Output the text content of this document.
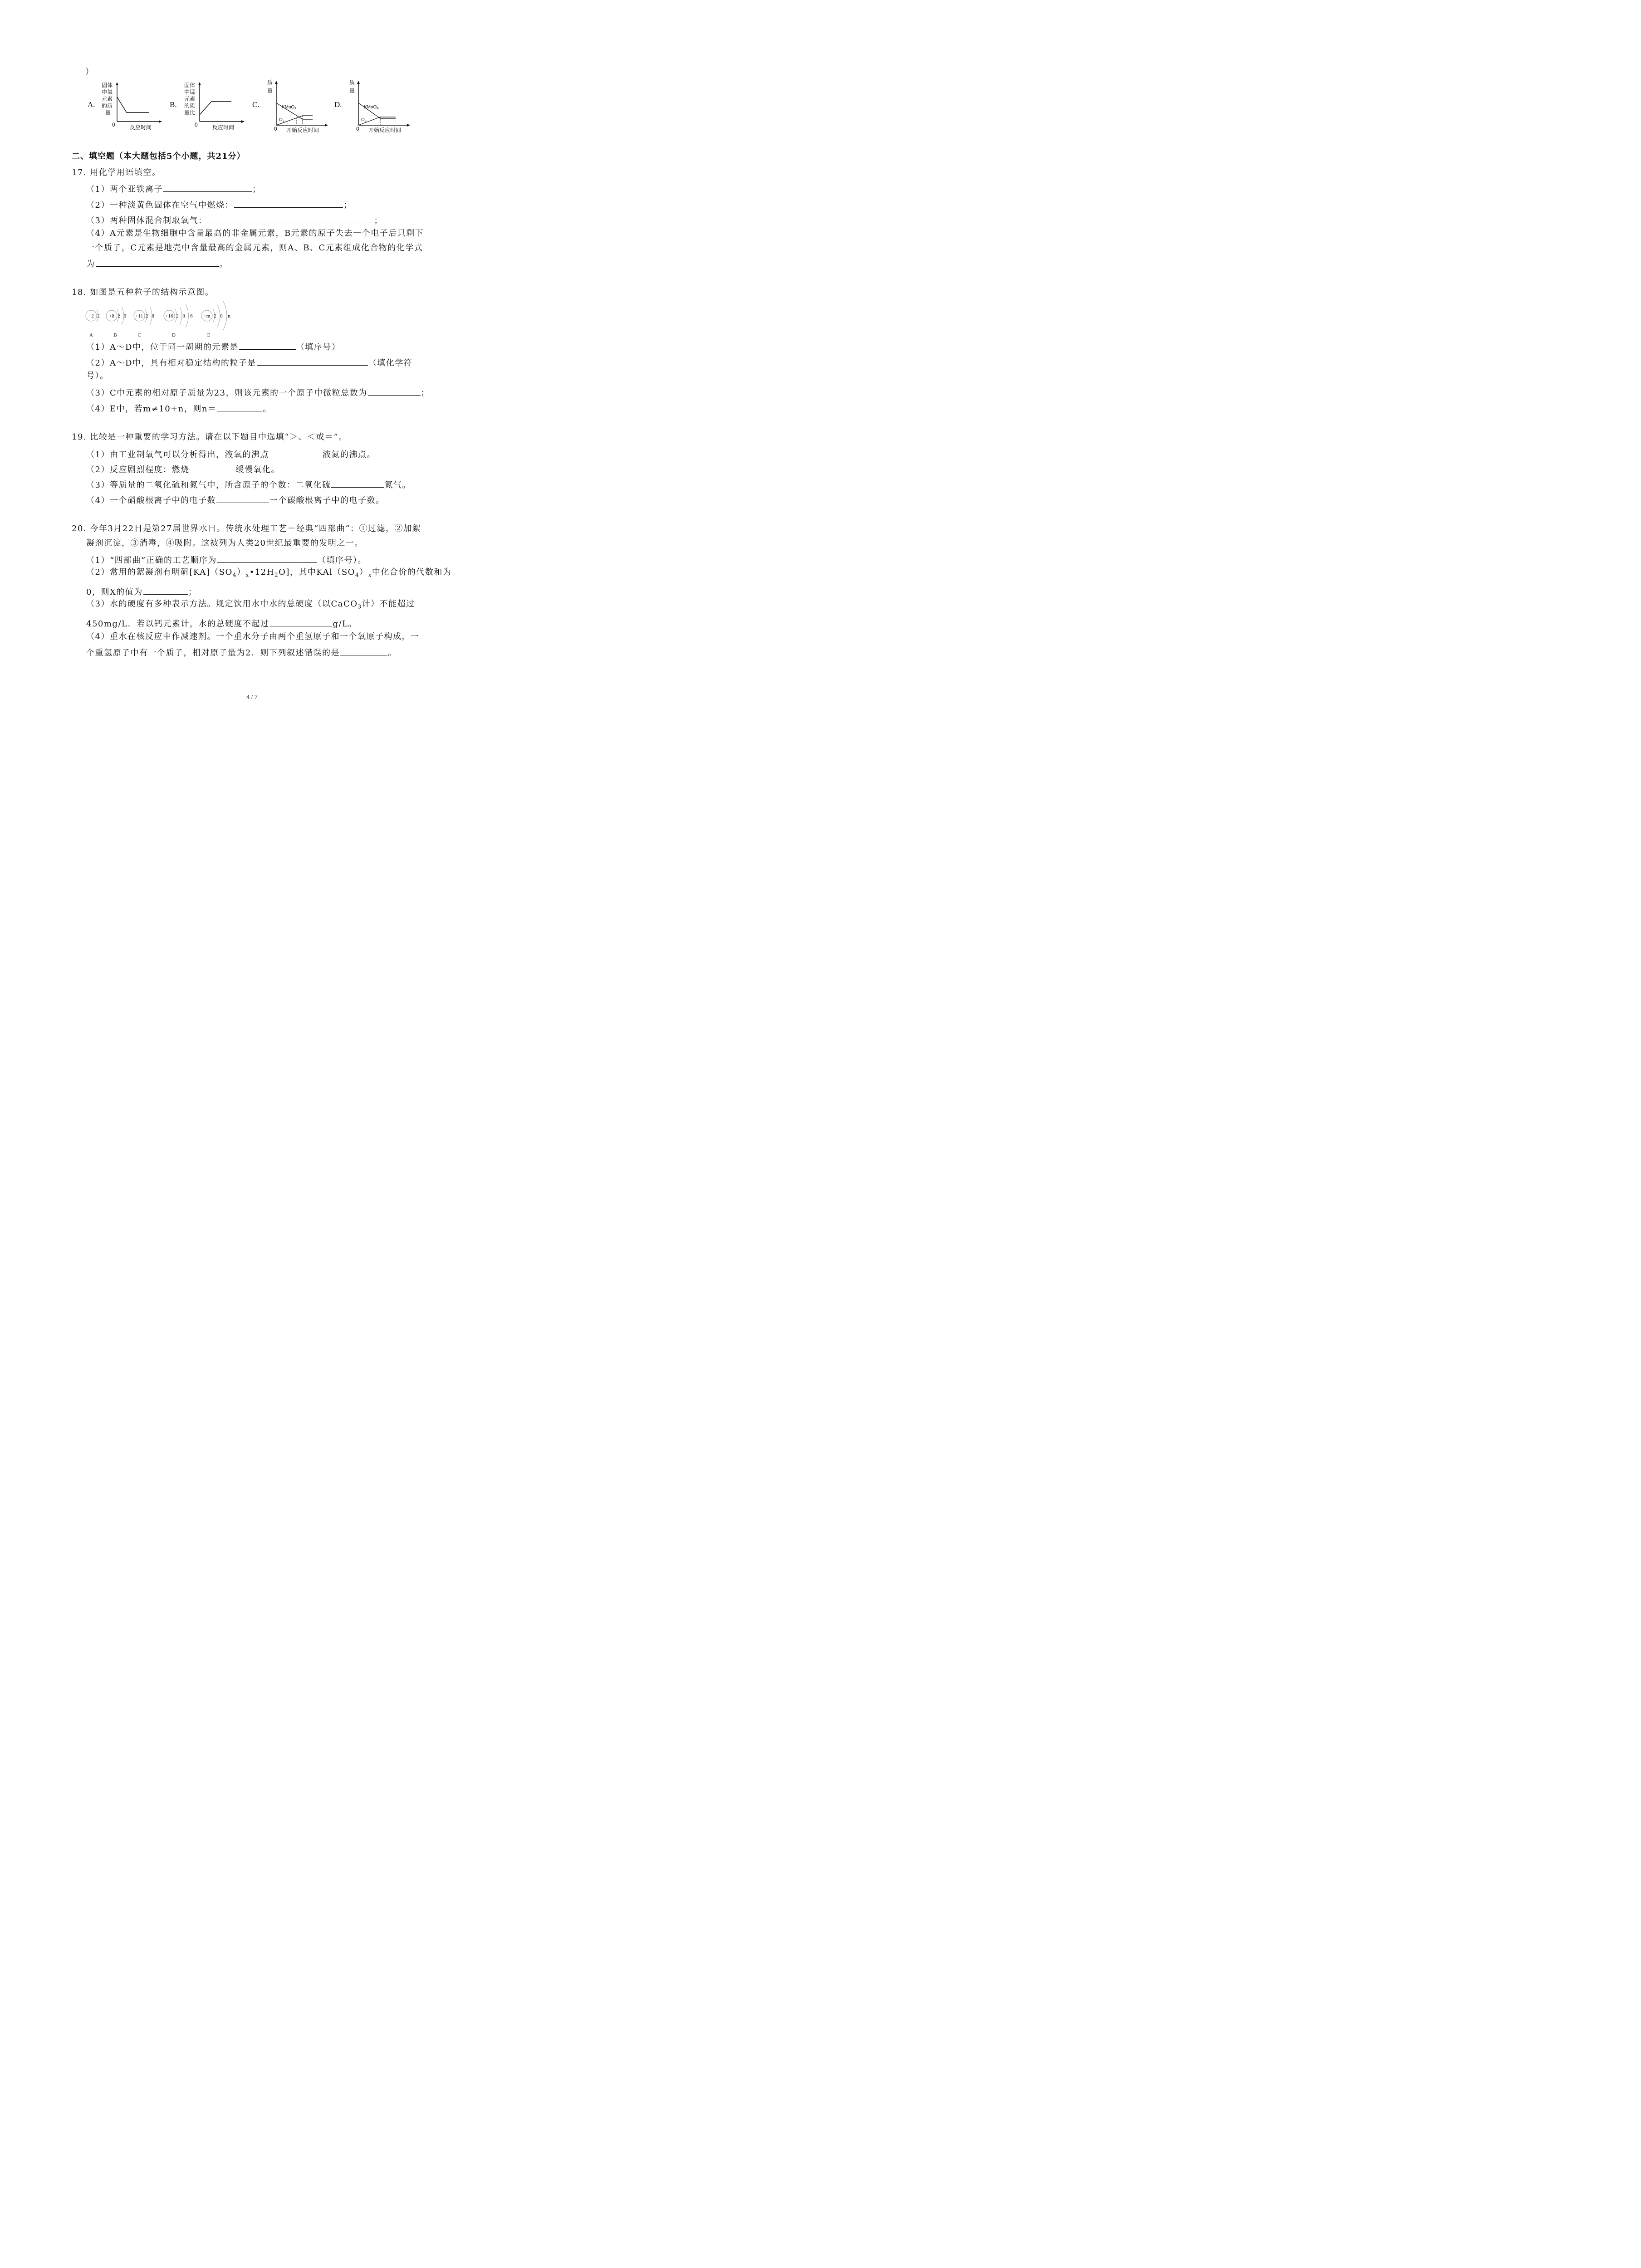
）
A.
固体
中氧
元素
的质
量
0	反应时间
B.
固体
中锰
元素
的质
量比
0	反应时间
C.
质
量
0 开始反应时间
KMnO$_4$
$O_2$
D.
质
量
0 开始反应时间
KMnO$_4$
$O_2$
二、填空题（本大题包括5个小题，共21分）
17. 用化学用语填空。
（1）两个亚铁离子	；
（2）一种淡黄色固体在空气中燃烧：	；
（3）两种固体混合制取氧气：	；
（4）A元素是生物细胞中含量最高的非金属元素，B元素的原子失去一个电子后只剩下
一个质子，C元素是地壳中含量最高的金属元素，则A、B、C元素组成化合物的化学式
为	。
18. 如图是五种粒子的结构示意图。
+2 2
A
+8 2 6
B
+11 2 8
C
+16 2 8 6
D
+m 2 8 n
E
（1）A～D中，位于同一周期的元素是	（填序号）
（2）A～D中，具有相对稳定结构的粒子是	（填化学符
号）。
（3）C中元素的相对原子质量为23，则该元素的一个原子中微粒总数为	；
（4）E中，若m≠10+n，则n＝	。
19. 比较是一种重要的学习方法。请在以下题目中选填“＞、＜或＝”。
（1）由工业制氧气可以分析得出，液氧的沸点	液氮的沸点。
（2）反应剧烈程度：燃烧	缓慢氧化。
（3）等质量的二氧化硫和氮气中，所含原子的个数：二氧化硫	氮气。
（4）一个硝酸根离子中的电子数	一个碳酸根离子中的电子数。
20. 今年3月22日是第27届世界水日。传统水处理工艺－经典“四部曲“：①过滤，②加絮
凝剂沉淀，③消毒，④吸附。这被列为人类20世纪最重要的发明之一。
（1）“四部曲”正确的工艺顺序为	（填序号）。
（2）常用的絮凝剂有明矾$[KA](SO_4)_x•12H_2O$]，其中$KAl(SO_4)_x$中化合价的代数和为
0，则X的值为	；
（3）水的硬度有多种表示方法。规定饮用水中水的总硬度（以CaCO$_3$计）不能超过
450mg/L．若以钙元素计，水的总硬度不起过	g/L。
（4）重水在核反应中作减速剂。一个重水分子由两个重氢原子和一个氧原子构成，一
个重氢原子中有一个质子，相对原子量为2．则下列叙述错误的是	。
4 / 7
